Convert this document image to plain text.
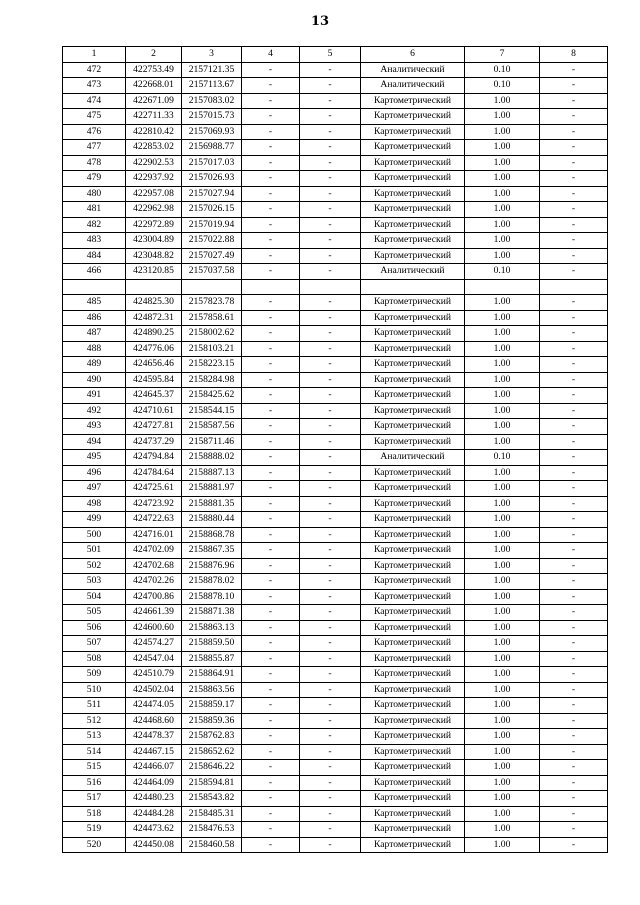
13
1	2	3	4	5	6	7	8
472	422753.49	2157121.35	-	-	Аналитический	0.10	-
473	422668.01	2157113.67	-	-	Аналитический	0.10	-
474	422671.09	2157083.02	-	-	Картометрический	1.00	-
475	422711.33	2157015.73	-	-	Картометрический	1.00	-
476	422810.42	2157069.93	-	-	Картометрический	1.00	-
477	422853.02	2156988.77	-	-	Картометрический	1.00	-
478	422902.53	2157017.03	-	-	Картометрический	1.00	-
479	422937.92	2157026.93	-	-	Картометрический	1.00	-
480	422957.08	2157027.94	-	-	Картометрический	1.00	-
481	422962.98	2157026.15	-	-	Картометрический	1.00	-
482	422972.89	2157019.94	-	-	Картометрический	1.00	-
483	423004.89	2157022.88	-	-	Картометрический	1.00	-
484	423048.82	2157027.49	-	-	Картометрический	1.00	-
466	423120.85	2157037.58	-	-	Аналитический	0.10	-

485	424825.30	2157823.78	-	-	Картометрический	1.00	-
486	424872.31	2157858.61	-	-	Картометрический	1.00	-
487	424890.25	2158002.62	-	-	Картометрический	1.00	-
488	424776.06	2158103.21	-	-	Картометрический	1.00	-
489	424656.46	2158223.15	-	-	Картометрический	1.00	-
490	424595.84	2158284.98	-	-	Картометрический	1.00	-
491	424645.37	2158425.62	-	-	Картометрический	1.00	-
492	424710.61	2158544.15	-	-	Картометрический	1.00	-
493	424727.81	2158587.56	-	-	Картометрический	1.00	-
494	424737.29	2158711.46	-	-	Картометрический	1.00	-
495	424794.84	2158888.02	-	-	Аналитический	0.10	-
496	424784.64	2158887.13	-	-	Картометрический	1.00	-
497	424725.61	2158881.97	-	-	Картометрический	1.00	-
498	424723.92	2158881.35	-	-	Картометрический	1.00	-
499	424722.63	2158880.44	-	-	Картометрический	1.00	-
500	424716.01	2158868.78	-	-	Картометрический	1.00	-
501	424702.09	2158867.35	-	-	Картометрический	1.00	-
502	424702.68	2158876.96	-	-	Картометрический	1.00	-
503	424702.26	2158878.02	-	-	Картометрический	1.00	-
504	424700.86	2158878.10	-	-	Картометрический	1.00	-
505	424661.39	2158871.38	-	-	Картометрический	1.00	-
506	424600.60	2158863.13	-	-	Картометрический	1.00	-
507	424574.27	2158859.50	-	-	Картометрический	1.00	-
508	424547.04	2158855.87	-	-	Картометрический	1.00	-
509	424510.79	2158864.91	-	-	Картометрический	1.00	-
510	424502.04	2158863.56	-	-	Картометрический	1.00	-
511	424474.05	2158859.17	-	-	Картометрический	1.00	-
512	424468.60	2158859.36	-	-	Картометрический	1.00	-
513	424478.37	2158762.83	-	-	Картометрический	1.00	-
514	424467.15	2158652.62	-	-	Картометрический	1.00	-
515	424466.07	2158646.22	-	-	Картометрический	1.00	-
516	424464.09	2158594.81	-	-	Картометрический	1.00	-
517	424480.23	2158543.82	-	-	Картометрический	1.00	-
518	424484.28	2158485.31	-	-	Картометрический	1.00	-
519	424473.62	2158476.53	-	-	Картометрический	1.00	-
520	424450.08	2158460.58	-	-	Картометрический	1.00	-
